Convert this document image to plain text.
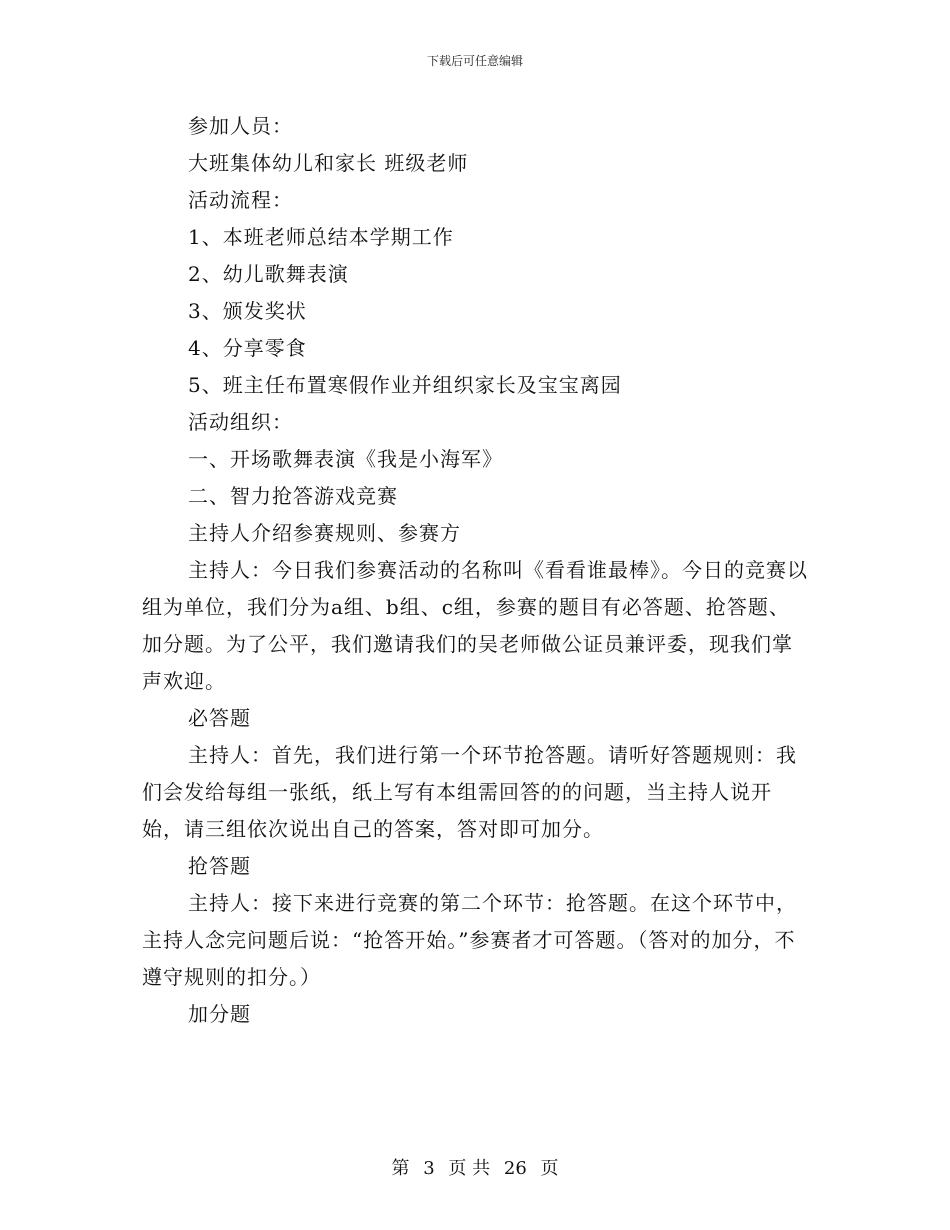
下载后可任意编辑
参加人员：
大班集体幼儿和家长 班级老师
活动流程：
1、本班老师总结本学期工作
2、幼儿歌舞表演
3、颁发奖状
4、分享零食
5、班主任布置寒假作业并组织家长及宝宝离园
活动组织：
一、开场歌舞表演《我是小海军》
二、智力抢答游戏竞赛
主持人介绍参赛规则、参赛方

主持人：今日我们参赛活动的名称叫《看看谁最棒》。今日的竞赛以组为单位，我们分为a组、b组、c组，参赛的题目有必答题、抢答题、加分题。为了公平，我们邀请我们的吴老师做公证员兼评委，现我们掌声欢迎。

必答题

主持人：首先，我们进行第一个环节抢答题。请听好答题规则：我们会发给每组一张纸，纸上写有本组需回答的的问题，当主持人说开始，请三组依次说出自己的答案，答对即可加分。

抢答题

主持人：接下来进行竞赛的第二个环节：抢答题。在这个环节中，主持人念完问题后说：“抢答开始。”参赛者才可答题。（答对的加分，不遵守规则的扣分。）

加分题
第 3 页 共 26 页
